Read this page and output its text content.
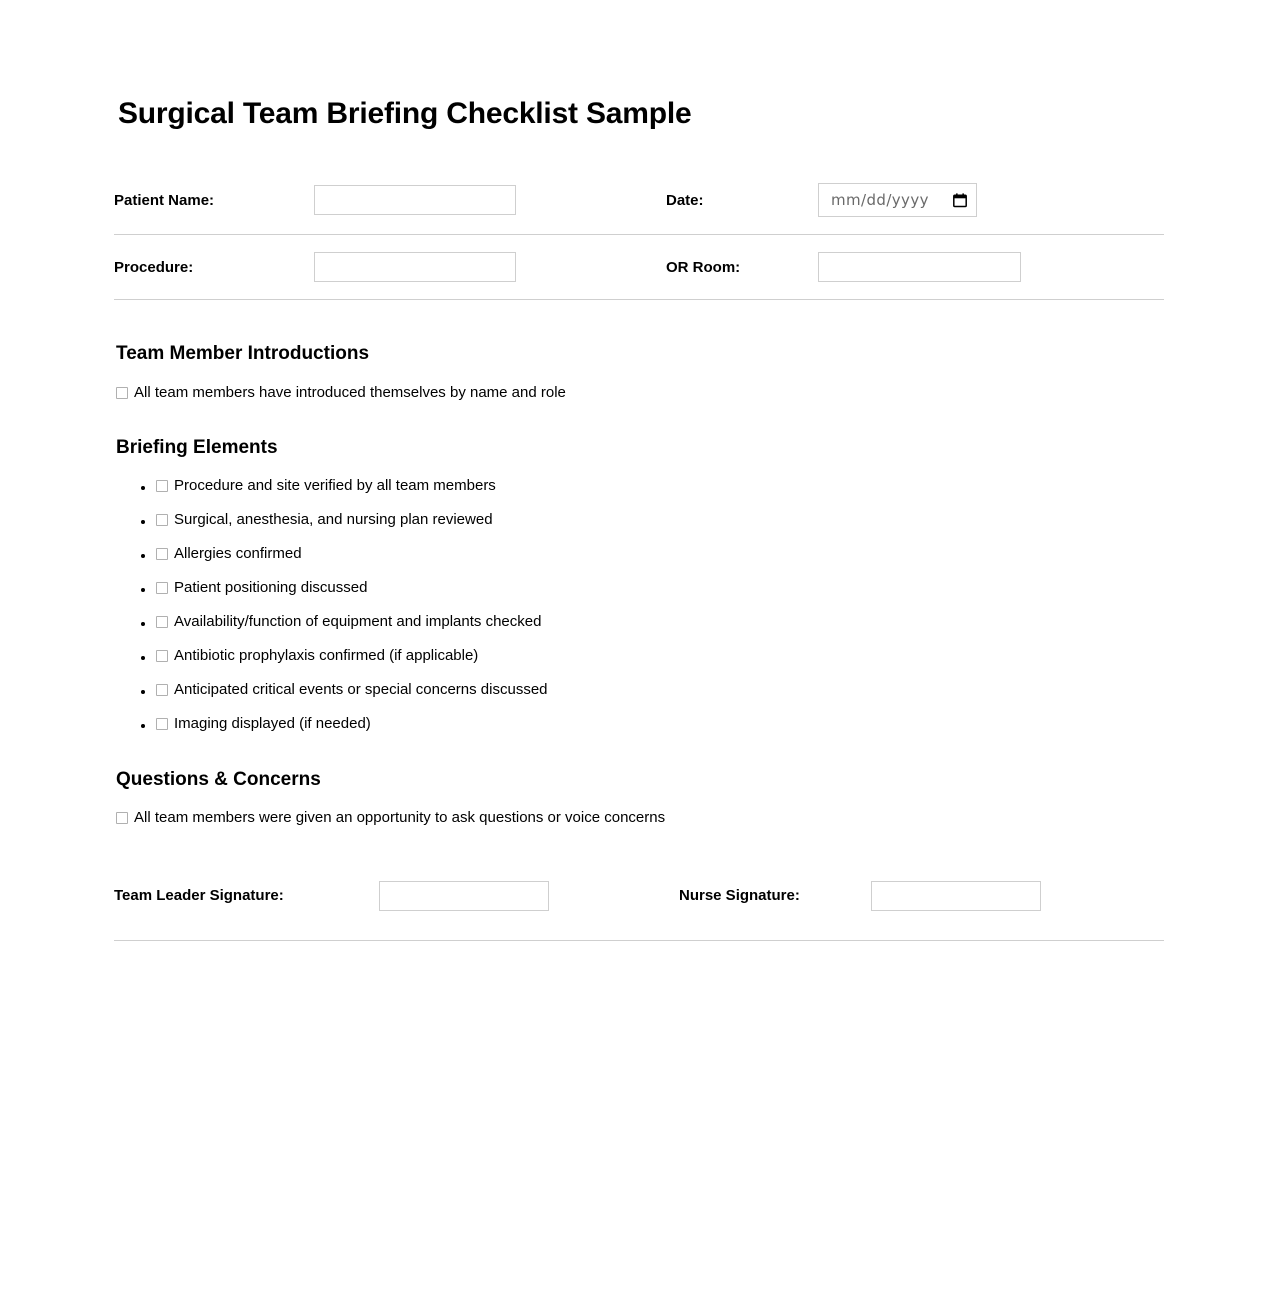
Surgical Team Briefing Checklist Sample
Patient Name:		Date:	mm/dd/yyyy

Procedure:		OR Room:	
Team Member Introductions

All team members have introduced themselves by name and role

Briefing Elements
• Procedure and site verified by all team members
• Surgical, anesthesia, and nursing plan reviewed
• Allergies confirmed
• Patient positioning discussed
• Availability/function of equipment and implants checked
• Antibiotic prophylaxis confirmed (if applicable)
• Anticipated critical events or special concerns discussed
• Imaging displayed (if needed)
Questions & Concerns

All team members were given an opportunity to ask questions or voice concerns

Team Leader Signature:		Nurse Signature:	
